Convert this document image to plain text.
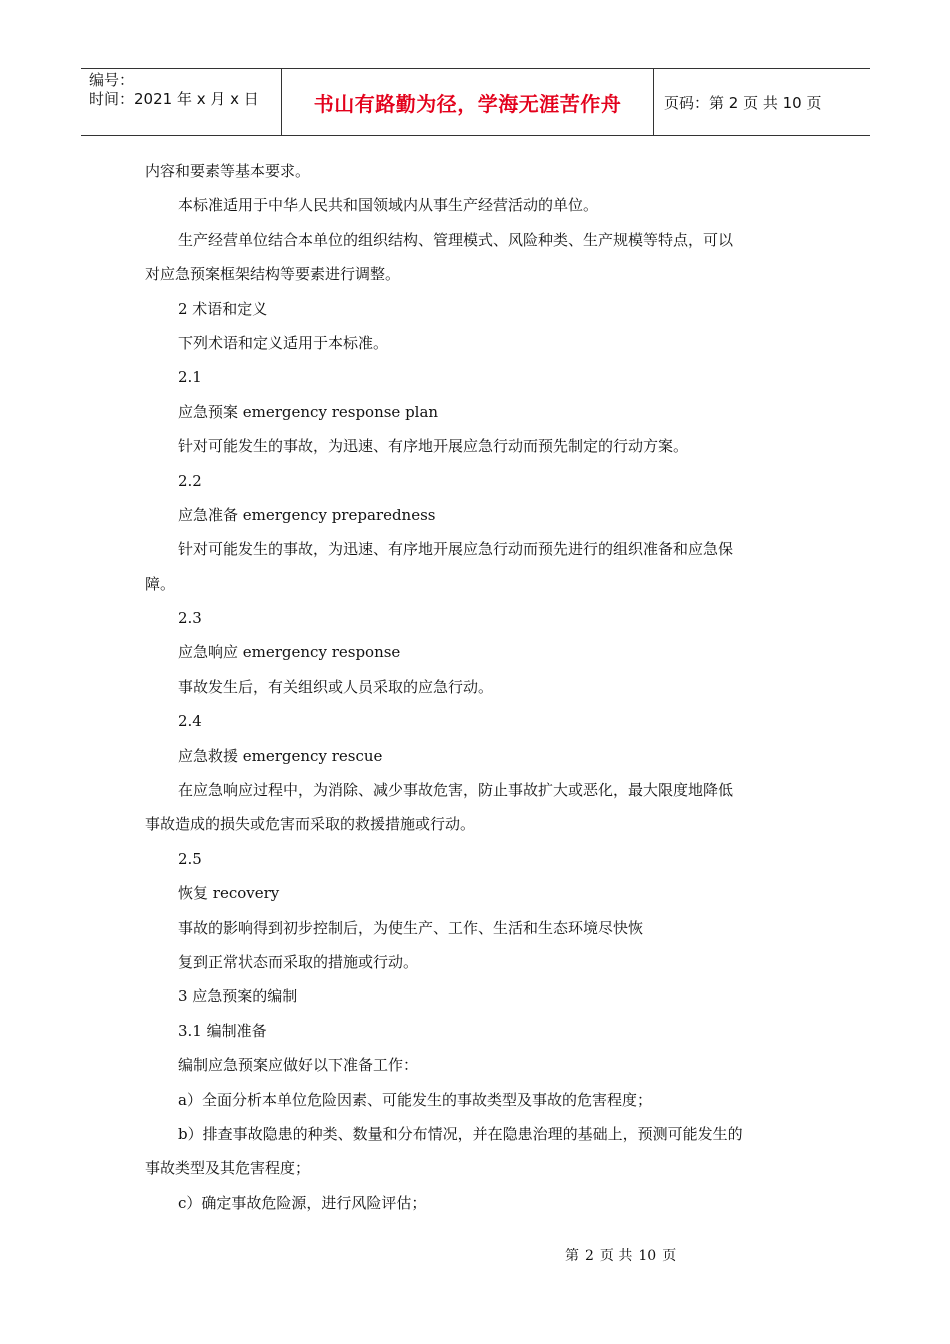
编号：
时间：2021 年 x 月 x 日	书山有路勤为径，学海无涯苦作舟	页码：第 2 页 共 10 页
内容和要素等基本要求。
本标准适用于中华人民共和国领域内从事生产经营活动的单位。
生产经营单位结合本单位的组织结构、管理模式、风险种类、生产规模等特点，可以
对应急预案框架结构等要素进行调整。
2 术语和定义
下列术语和定义适用于本标准。
2.1
应急预案 emergency response plan
针对可能发生的事故，为迅速、有序地开展应急行动而预先制定的行动方案。
2.2
应急准备 emergency preparedness
针对可能发生的事故，为迅速、有序地开展应急行动而预先进行的组织准备和应急保
障。
2.3
应急响应 emergency response
事故发生后，有关组织或人员采取的应急行动。
2.4
应急救援 emergency rescue
在应急响应过程中，为消除、减少事故危害，防止事故扩大或恶化，最大限度地降低
事故造成的损失或危害而采取的救援措施或行动。
2.5
恢复 recovery
事故的影响得到初步控制后，为使生产、工作、生活和生态环境尽快恢
复到正常状态而采取的措施或行动。
3 应急预案的编制
3.1 编制准备
编制应急预案应做好以下准备工作：
a）全面分析本单位危险因素、可能发生的事故类型及事故的危害程度；
b）排查事故隐患的种类、数量和分布情况，并在隐患治理的基础上，预测可能发生的
事故类型及其危害程度；
c）确定事故危险源，进行风险评估；
第 2 页 共 10 页
